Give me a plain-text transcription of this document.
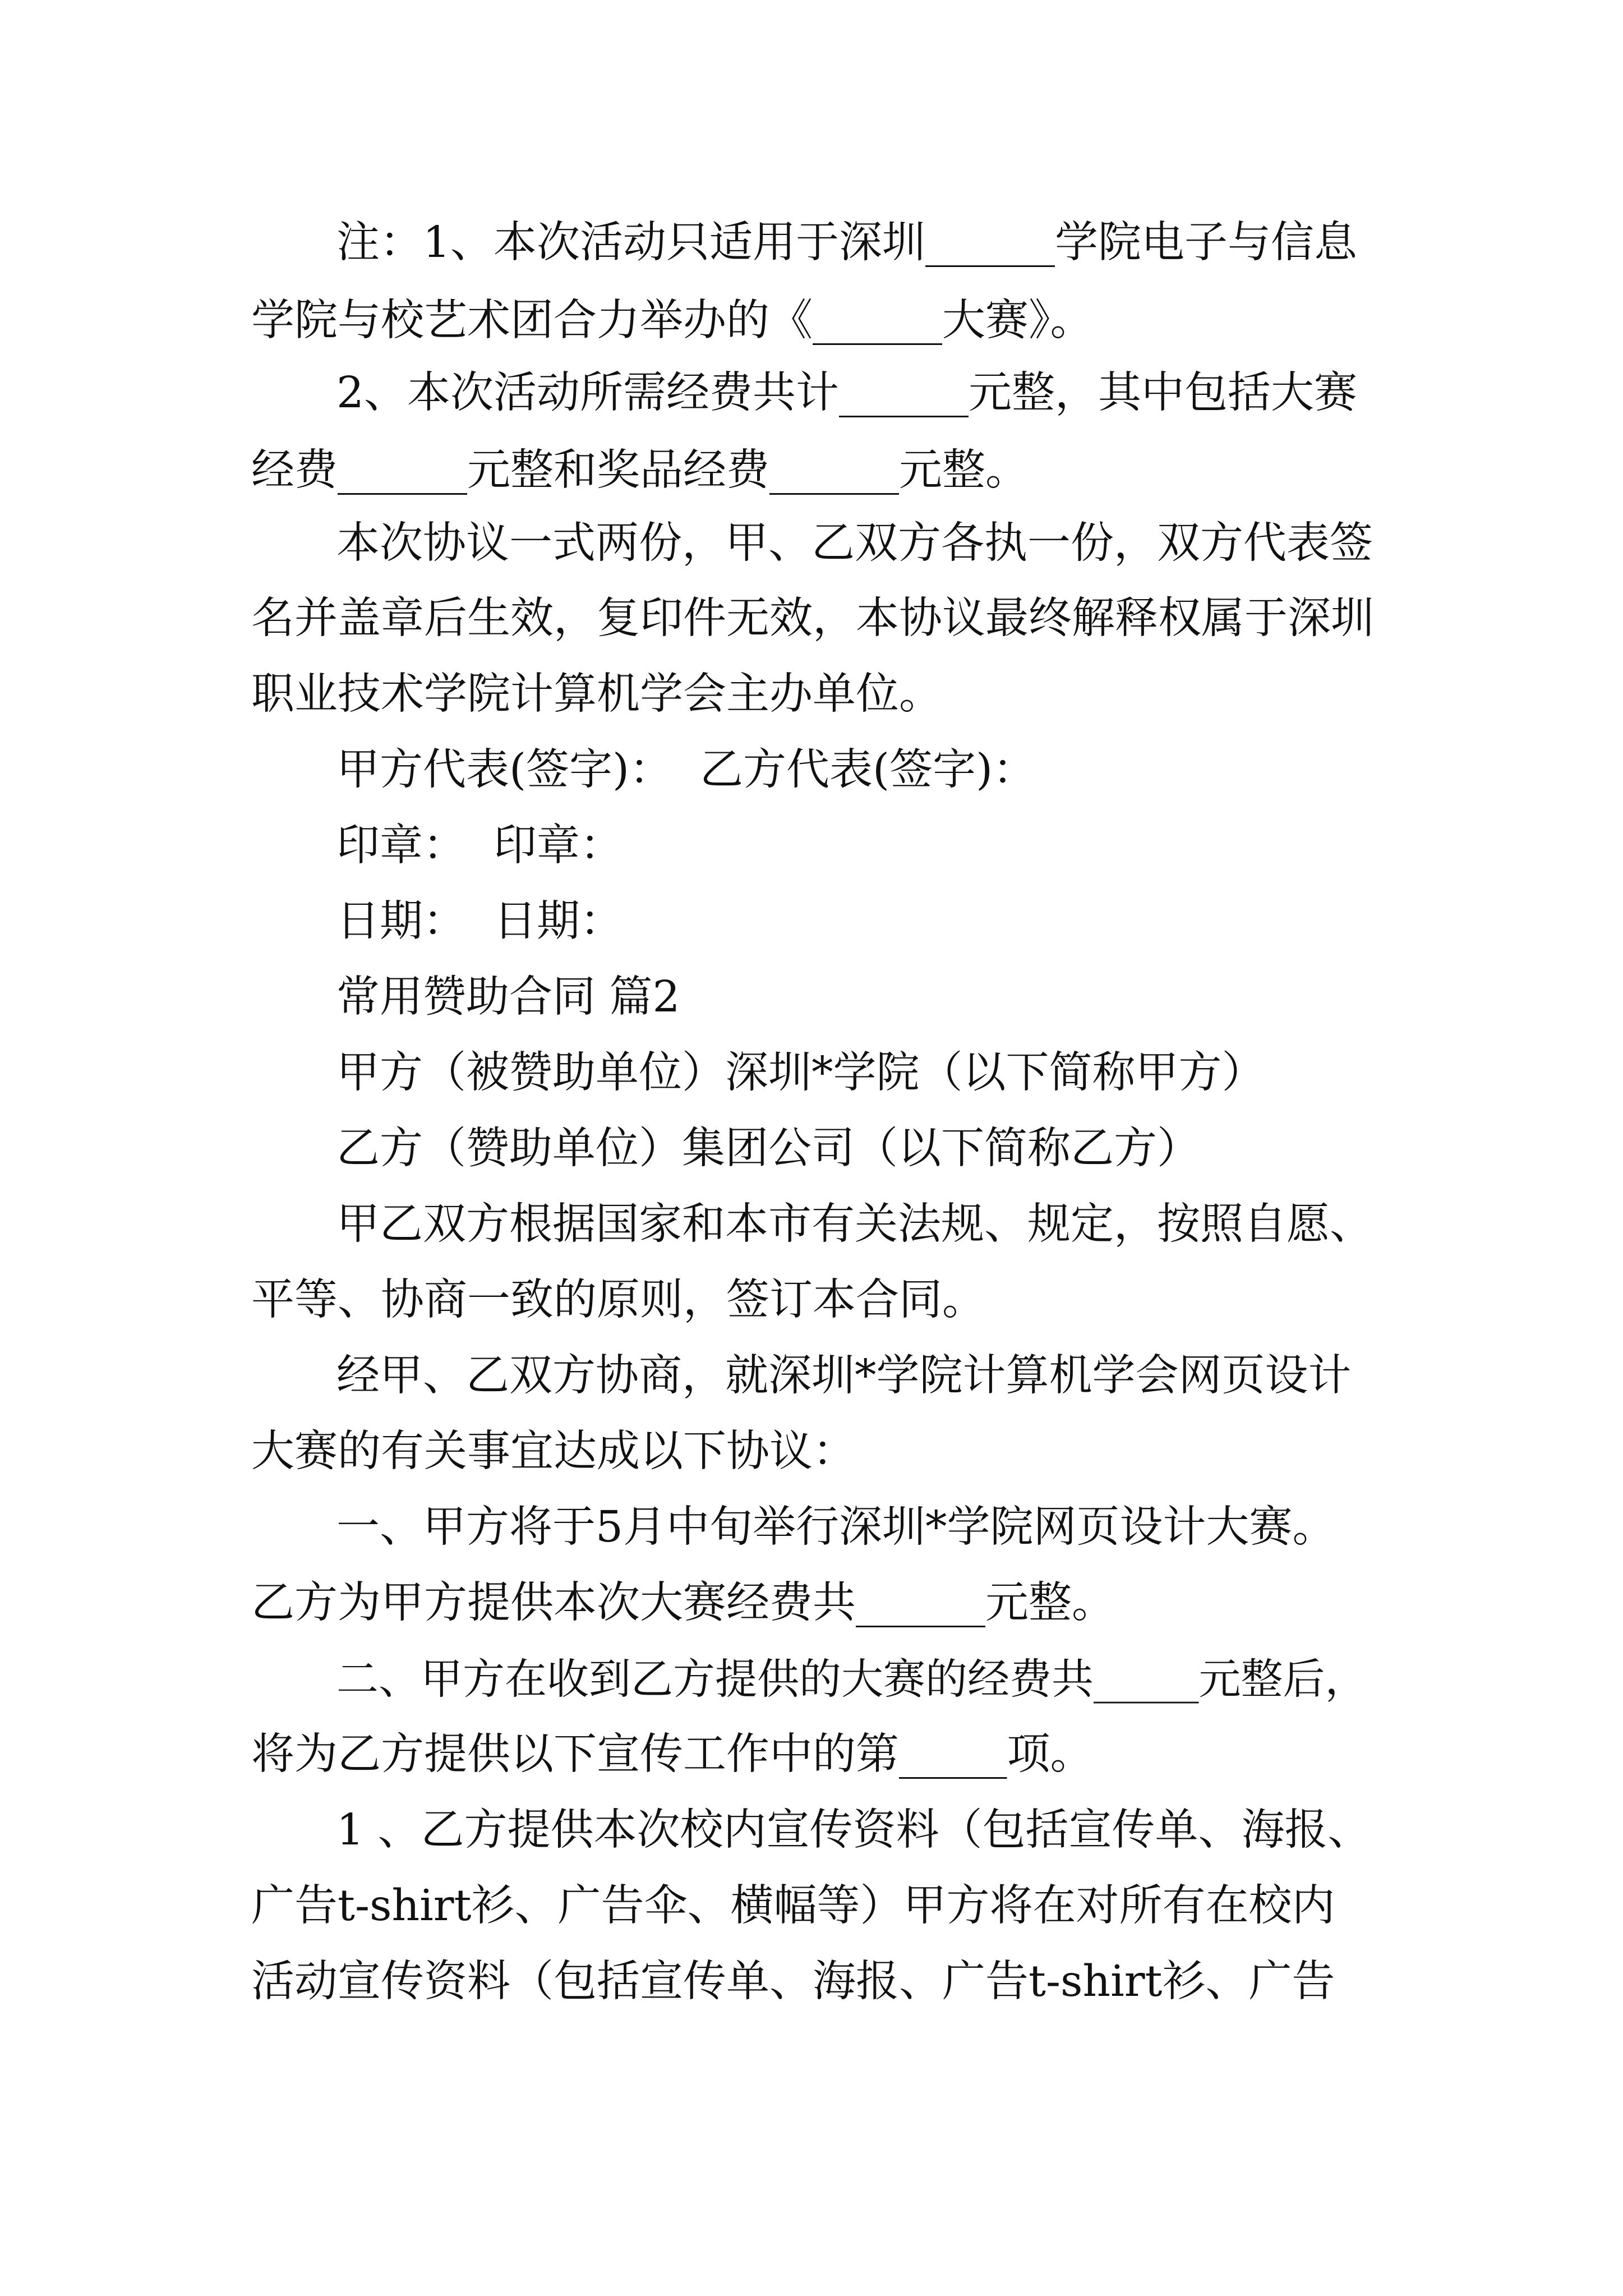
注：1、本次活动只适用于深圳______学院电子与信息

学院与校艺术团合力举办的《______大赛》。

2、本次活动所需经费共计______元整，其中包括大赛

经费______元整和奖品经费______元整。

本次协议一式两份，甲、乙双方各执一份，双方代表签

名并盖章后生效，复印件无效，本协议最终解释权属于深圳

职业技术学院计算机学会主办单位。

甲方代表(签字)：  乙方代表(签字)：

印章：  印章：

日期：  日期：

常用赞助合同 篇2

甲方（被赞助单位）深圳*学院（以下简称甲方）

乙方（赞助单位）集团公司（以下简称乙方）

甲乙双方根据国家和本市有关法规、规定，按照自愿、

平等、协商一致的原则，签订本合同。

经甲、乙双方协商，就深圳*学院计算机学会网页设计

大赛的有关事宜达成以下协议：

一、甲方将于5月中旬举行深圳*学院网页设计大赛。

乙方为甲方提供本次大赛经费共______元整。

二、甲方在收到乙方提供的大赛的经费共_____元整后，

将为乙方提供以下宣传工作中的第_____项。

1 、乙方提供本次校内宣传资料（包括宣传单、海报、

广告t-shirt衫、广告伞、横幅等）甲方将在对所有在校内

活动宣传资料（包括宣传单、海报、广告t-shirt衫、广告
